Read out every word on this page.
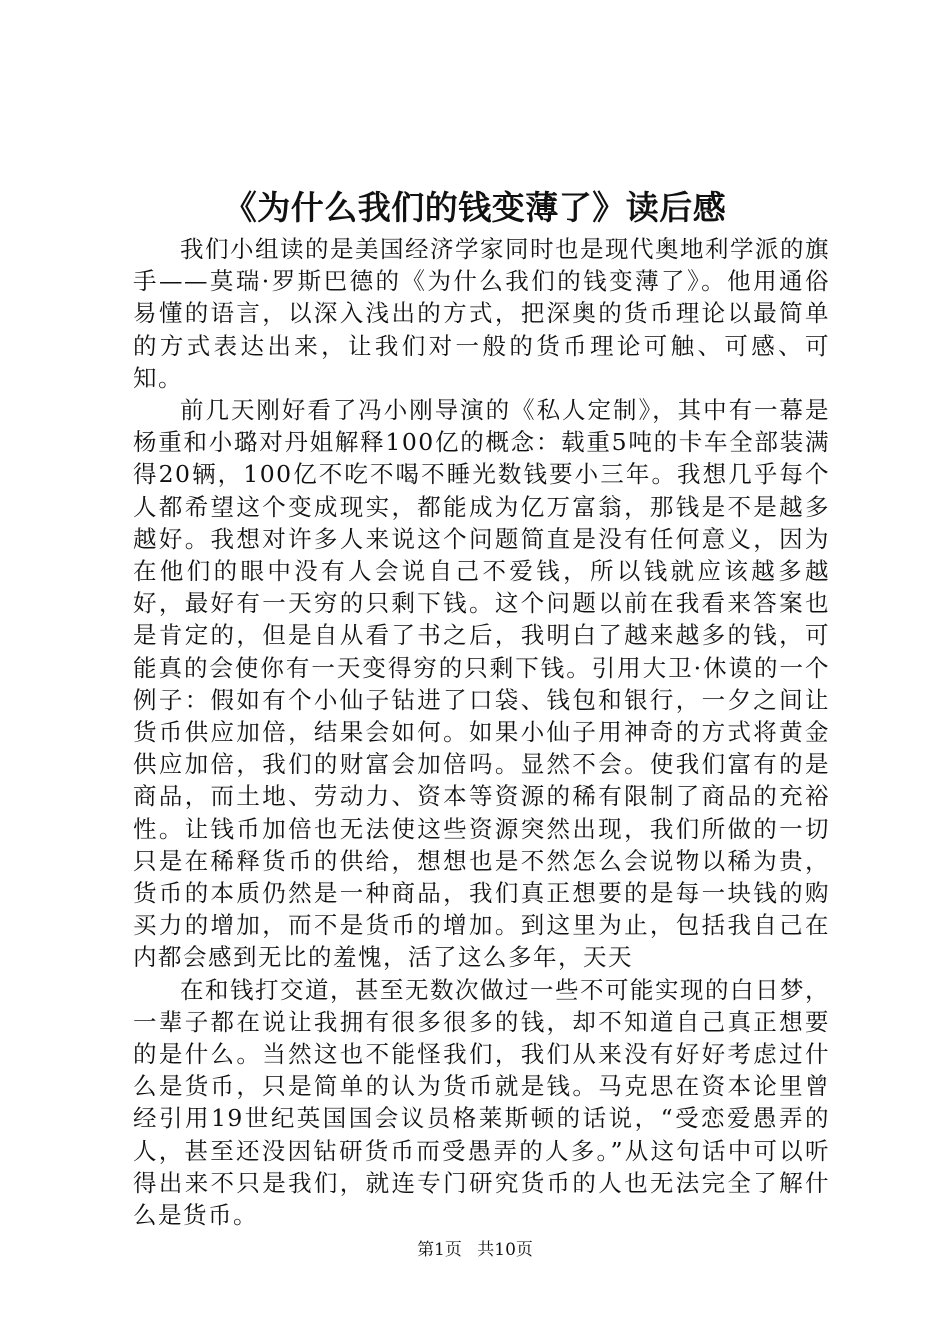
《为什么我们的钱变薄了》读后感

我们小组读的是美国经济学家同时也是现代奥地利学派的旗手——莫瑞·罗斯巴德的《为什么我们的钱变薄了》。他用通俗易懂的语言，以深入浅出的方式，把深奥的货币理论以最简单的方式表达出来，让我们对一般的货币理论可触、可感、可知。

前几天刚好看了冯小刚导演的《私人定制》，其中有一幕是杨重和小璐对丹姐解释100亿的概念：载重5吨的卡车全部装满得20辆，100亿不吃不喝不睡光数钱要小三年。我想几乎每个人都希望这个变成现实，都能成为亿万富翁，那钱是不是越多越好。我想对许多人来说这个问题简直是没有任何意义，因为在他们的眼中没有人会说自己不爱钱，所以钱就应该越多越好，最好有一天穷的只剩下钱。这个问题以前在我看来答案也是肯定的，但是自从看了书之后，我明白了越来越多的钱，可能真的会使你有一天变得穷的只剩下钱。引用大卫·休谟的一个例子：假如有个小仙子钻进了口袋、钱包和银行，一夕之间让货币供应加倍，结果会如何。如果小仙子用神奇的方式将黄金供应加倍，我们的财富会加倍吗。显然不会。使我们富有的是商品，而土地、劳动力、资本等资源的稀有限制了商品的充裕性。让钱币加倍也无法使这些资源突然出现，我们所做的一切只是在稀释货币的供给，想想也是不然怎么会说物以稀为贵，货币的本质仍然是一种商品，我们真正想要的是每一块钱的购买力的增加，而不是货币的增加。到这里为止，包括我自己在内都会感到无比的羞愧，活了这么多年，天天

在和钱打交道，甚至无数次做过一些不可能实现的白日梦，一辈子都在说让我拥有很多很多的钱，却不知道自己真正想要的是什么。当然这也不能怪我们，我们从来没有好好考虑过什么是货币，只是简单的认为货币就是钱。马克思在资本论里曾经引用19世纪英国国会议员格莱斯顿的话说，“受恋爱愚弄的人，甚至还没因钻研货币而受愚弄的人多。”从这句话中可以听得出来不只是我们，就连专门研究货币的人也无法完全了解什么是货币。

第1页 共10页
